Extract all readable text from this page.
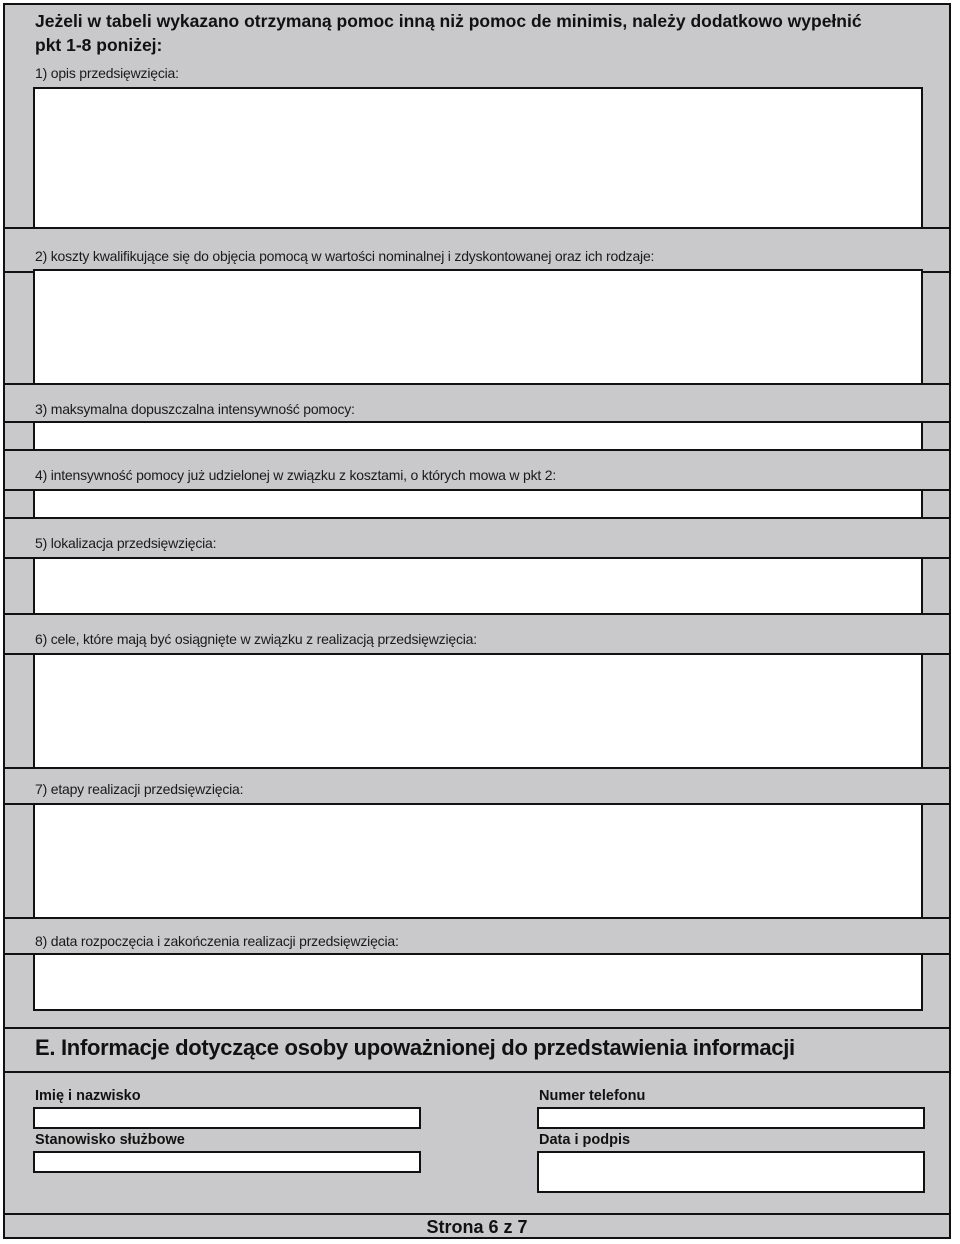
Jeżeli w tabeli wykazano otrzymaną pomoc inną niż pomoc de minimis, należy dodatkowo wypełnić
pkt 1-8 poniżej:
1) opis przedsięwzięcia:
2) koszty kwalifikujące się do objęcia pomocą w wartości nominalnej i zdyskontowanej oraz ich rodzaje:
3) maksymalna dopuszczalna intensywność pomocy:
4) intensywność pomocy już udzielonej w związku z kosztami, o których mowa w pkt 2:
5) lokalizacja przedsięwzięcia:
6) cele, które mają być osiągnięte w związku z realizacją przedsięwzięcia:
7) etapy realizacji przedsięwzięcia:
8) data rozpoczęcia i zakończenia realizacji przedsięwzięcia:
E. Informacje dotyczące osoby upoważnionej do przedstawienia informacji
Imię i nazwisko	Numer telefonu
Stanowisko służbowe	Data i podpis
Strona 6 z 7
